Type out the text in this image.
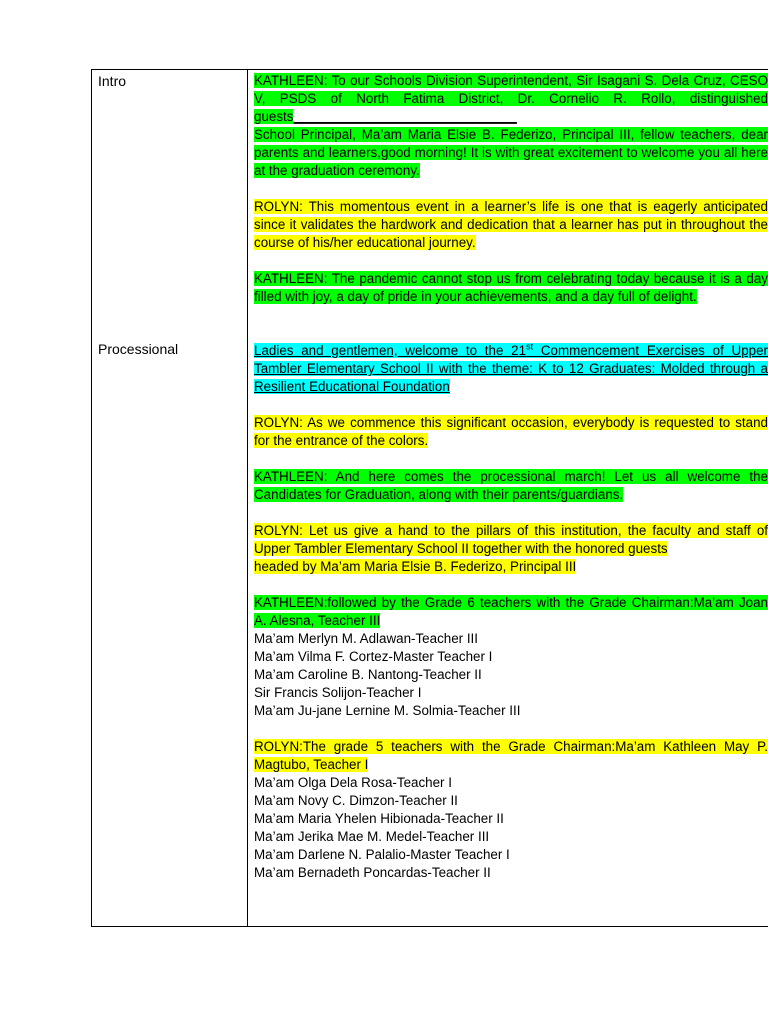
Intro
Processional

KATHLEEN: To our Schools Division Superintendent, Sir Isagani S. Dela Cruz, CESO V, PSDS of North Fatima District, Dr. Cornelio R. Rollo, distinguished guests______________________________
School Principal, Ma’am Maria Elsie B. Federizo, Principal III, fellow teachers, dear parents and learners,good morning! It is with great excitement to welcome you all here at the graduation ceremony.

ROLYN: This momentous event in a learner’s life is one that is eagerly anticipated since it validates the hardwork and dedication that a learner has put in throughout the course of his/her educational journey.

KATHLEEN: The pandemic cannot stop us from celebrating today because it is a day filled with joy, a day of pride in your achievements, and a day full of delight.

Ladies and gentlemen, welcome to the 21st Commencement Exercises of Upper Tambler Elementary School II with the theme: K to 12 Graduates: Molded through a Resilient Educational Foundation

ROLYN: As we commence this significant occasion, everybody is requested to stand for the entrance of the colors.

KATHLEEN: And here comes the processional march! Let us all welcome the Candidates for Graduation, along with their parents/guardians.

ROLYN: Let us give a hand to the pillars of this institution, the faculty and staff of Upper Tambler Elementary School II together with the honored guests
headed by Ma’am Maria Elsie B. Federizo, Principal III

KATHLEEN:followed by the Grade 6 teachers with the Grade Chairman:Ma’am Joan A. Alesna, Teacher III

Ma’am Merlyn M. Adlawan-Teacher III
Ma’am Vilma F. Cortez-Master Teacher I
Ma’am Caroline B. Nantong-Teacher II
Sir Francis Solijon-Teacher I
Ma’am Ju-jane Lernine M. Solmia-Teacher III

ROLYN:The grade 5 teachers with the Grade Chairman:Ma’am Kathleen May P. Magtubo, Teacher I

Ma’am Olga Dela Rosa-Teacher I
Ma’am Novy C. Dimzon-Teacher II
Ma’am Maria Yhelen Hibionada-Teacher II
Ma’am Jerika Mae M. Medel-Teacher III
Ma’am Darlene N. Palalio-Master Teacher I
Ma’am Bernadeth Poncardas-Teacher II
